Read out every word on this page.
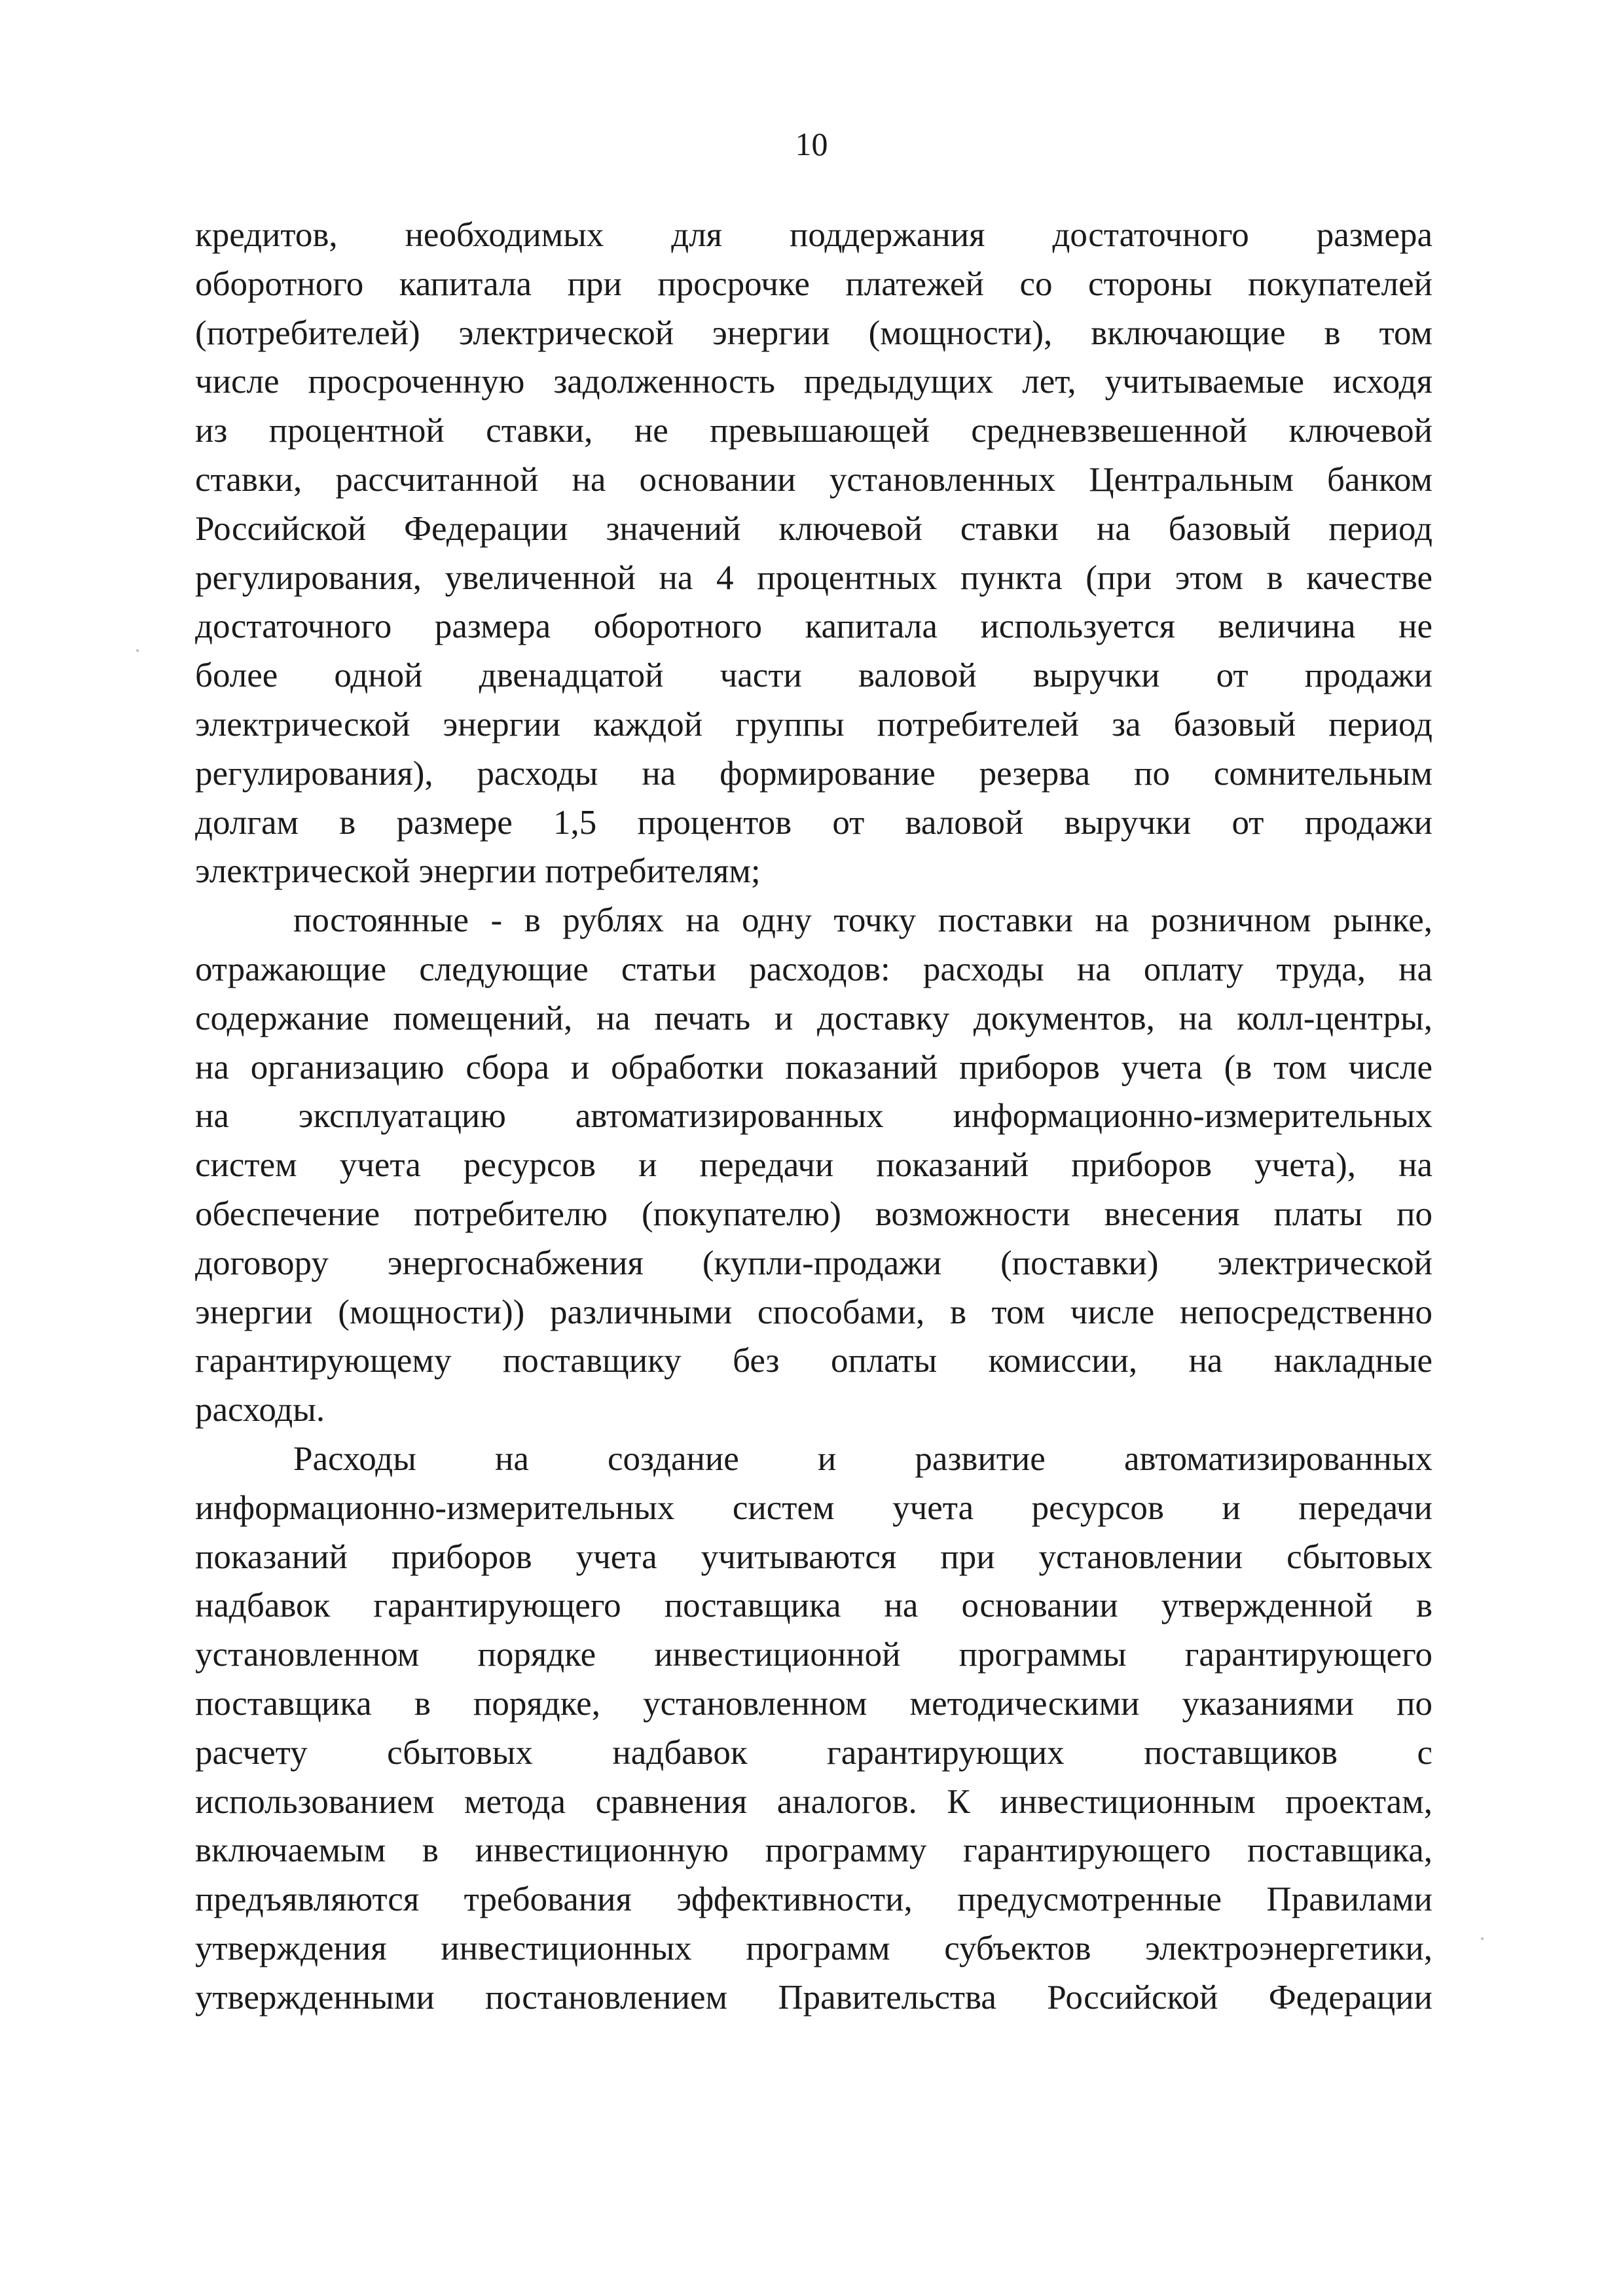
10
кредитов, необходимых для поддержания достаточного размера
оборотного капитала при просрочке платежей со стороны покупателей
(потребителей) электрической энергии (мощности), включающие в том
числе просроченную задолженность предыдущих лет, учитываемые исходя
из процентной ставки, не превышающей средневзвешенной ключевой
ставки, рассчитанной на основании установленных Центральным банком
Российской Федерации значений ключевой ставки на базовый период
регулирования, увеличенной на 4 процентных пункта (при этом в качестве
достаточного размера оборотного капитала используется величина не
более одной двенадцатой части валовой выручки от продажи
электрической энергии каждой группы потребителей за базовый период
регулирования), расходы на формирование резерва по сомнительным
долгам в размере 1,5 процентов от валовой выручки от продажи
электрической энергии потребителям;
постоянные - в рублях на одну точку поставки на розничном рынке,
отражающие следующие статьи расходов: расходы на оплату труда, на
содержание помещений, на печать и доставку документов, на колл-центры,
на организацию сбора и обработки показаний приборов учета (в том числе
на эксплуатацию автоматизированных информационно-измерительных
систем учета ресурсов и передачи показаний приборов учета), на
обеспечение потребителю (покупателю) возможности внесения платы по
договору энергоснабжения (купли-продажи (поставки) электрической
энергии (мощности)) различными способами, в том числе непосредственно
гарантирующему поставщику без оплаты комиссии, на накладные
расходы.
Расходы на создание и развитие автоматизированных
информационно-измерительных систем учета ресурсов и передачи
показаний приборов учета учитываются при установлении сбытовых
надбавок гарантирующего поставщика на основании утвержденной в
установленном порядке инвестиционной программы гарантирующего
поставщика в порядке, установленном методическими указаниями по
расчету сбытовых надбавок гарантирующих поставщиков с
использованием метода сравнения аналогов. К инвестиционным проектам,
включаемым в инвестиционную программу гарантирующего поставщика,
предъявляются требования эффективности, предусмотренные Правилами
утверждения инвестиционных программ субъектов электроэнергетики,
утвержденными постановлением Правительства Российской Федерации
